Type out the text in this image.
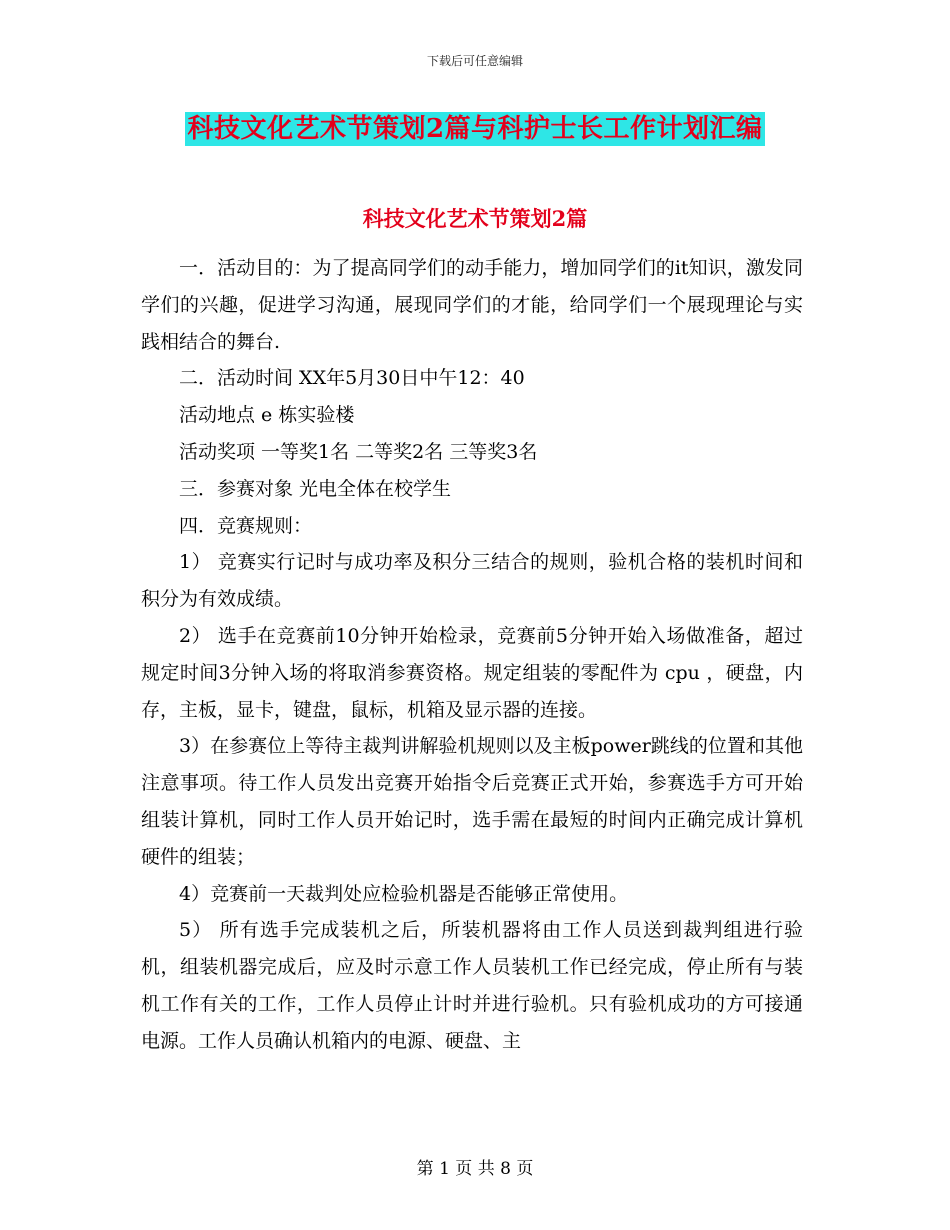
下载后可任意编辑
科技文化艺术节策划2篇与科护士长工作计划汇编
科技文化艺术节策划2篇

一．活动目的：为了提高同学们的动手能力，增加同学们的it知识，激发同学们的兴趣，促进学习沟通，展现同学们的才能，给同学们一个展现理论与实践相结合的舞台.

二．活动时间 XX年5月30日中午12：40

活动地点 e 栋实验楼

活动奖项 一等奖1名 二等奖2名 三等奖3名

三．参赛对象 光电全体在校学生

四．竞赛规则：

1） 竞赛实行记时与成功率及积分三结合的规则，验机合格的装机时间和积分为有效成绩。

2） 选手在竞赛前10分钟开始检录，竞赛前5分钟开始入场做准备，超过规定时间3分钟入场的将取消参赛资格。规定组装的零配件为 cpu ，硬盘，内存，主板，显卡，键盘，鼠标，机箱及显示器的连接。

3）在参赛位上等待主裁判讲解验机规则以及主板power跳线的位置和其他注意事项。待工作人员发出竞赛开始指令后竞赛正式开始，参赛选手方可开始组装计算机，同时工作人员开始记时，选手需在最短的时间内正确完成计算机硬件的组装；

4）竞赛前一天裁判处应检验机器是否能够正常使用。

5） 所有选手完成装机之后，所装机器将由工作人员送到裁判组进行验机，组装机器完成后，应及时示意工作人员装机工作已经完成，停止所有与装机工作有关的工作，工作人员停止计时并进行验机。只有验机成功的方可接通电源。工作人员确认机箱内的电源、硬盘、主

第 1 页 共 8 页
